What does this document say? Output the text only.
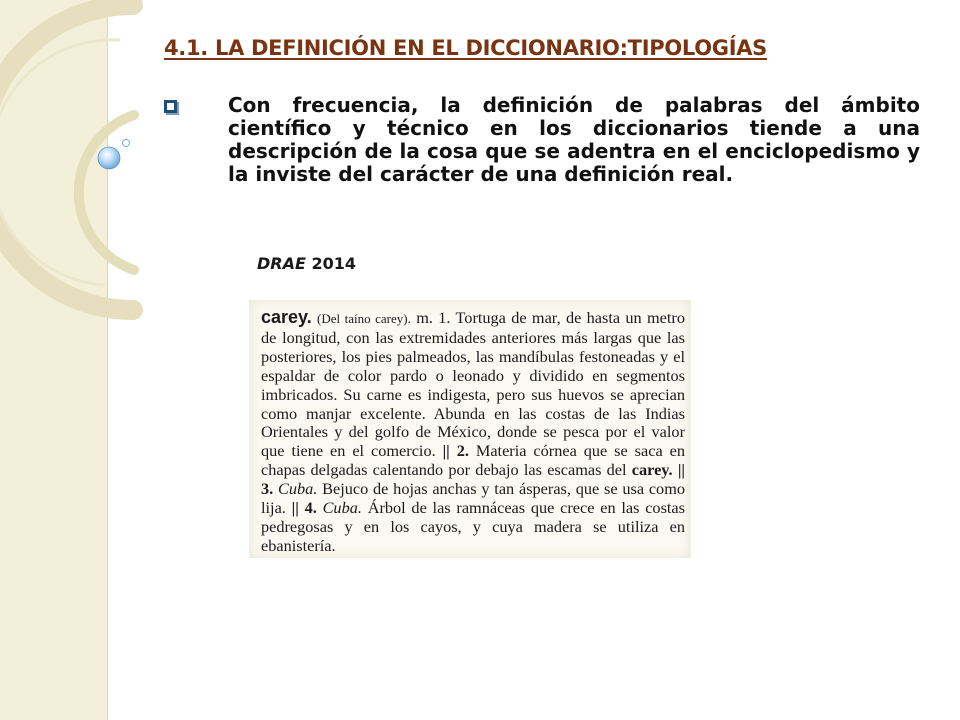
4.1. LA DEFINICIÓN EN EL DICCIONARIO:TIPOLOGÍAS

Con frecuencia, la definición de palabras del ámbito científico y técnico en los diccionarios tiende a una descripción de la cosa que se adentra en el enciclopedismo y la inviste del carácter de una definición real.

DRAE 2014

carey. (Del taíno carey). m. 1. Tortuga de mar, de hasta un metro de longitud, con las extremidades anteriores más largas que las posteriores, los pies palmeados, las mandíbulas festoneadas y el espaldar de color pardo o leonado y dividido en segmentos imbricados. Su carne es indigesta, pero sus huevos se aprecian como manjar excelente. Abunda en las costas de las Indias Orientales y del golfo de México, donde se pesca por el valor que tiene en el comercio. || 2. Materia córnea que se saca en chapas delgadas calentando por debajo las escamas del carey. || 3. Cuba. Bejuco de hojas anchas y tan ásperas, que se usa como lija. || 4. Cuba. Árbol de las ramnáceas que crece en las costas pedregosas y en los cayos, y cuya madera se utiliza en ebanistería.
